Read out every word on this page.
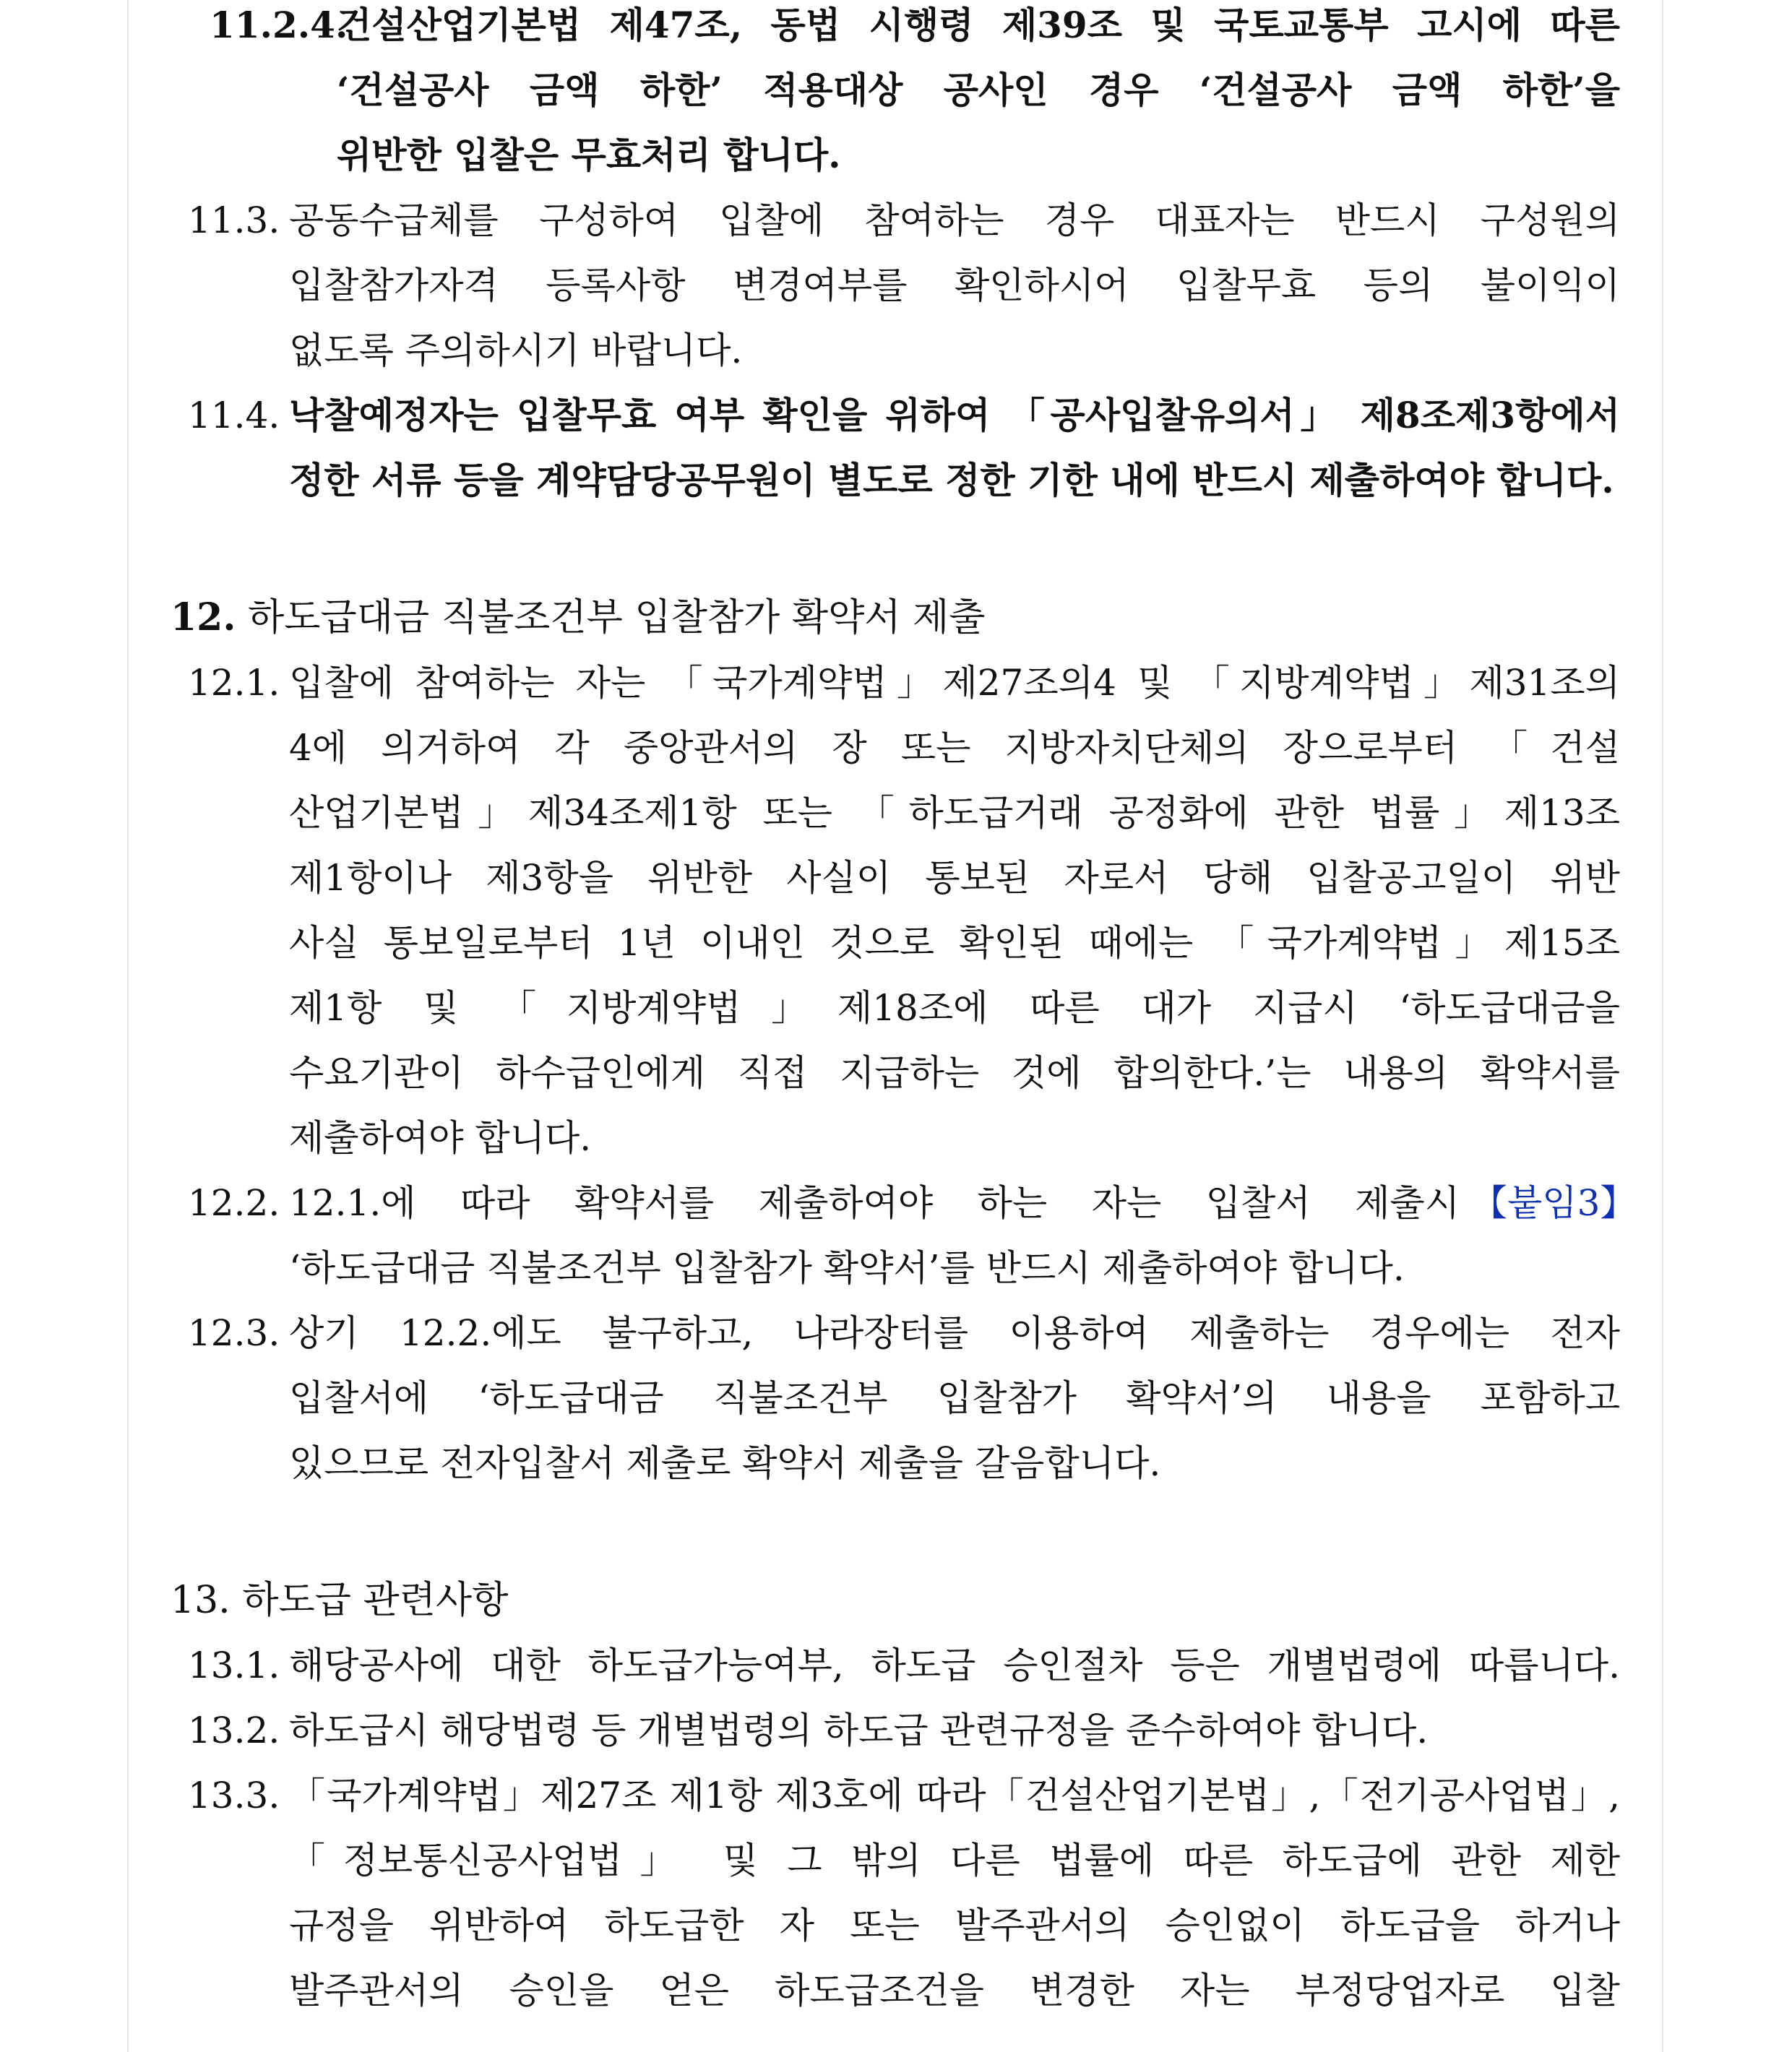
11.2.4.
건설산업기본법 제47조, 동법 시행령 제39조 및 국토교통부 고시에 따른
‘건설공사 금액 하한’ 적용대상 공사인 경우 ‘건설공사 금액 하한’을
위반한 입찰은 무효처리 합니다.
11.3. 공동수급체를 구성하여 입찰에 참여하는 경우 대표자는 반드시 구성원의
입찰참가자격 등록사항 변경여부를 확인하시어 입찰무효 등의 불이익이
없도록 주의하시기 바랍니다.
11.4. 낙찰예정자는 입찰무효 여부 확인을 위하여 「공사입찰유의서」 제8조제3항에서
정한 서류 등을 계약담당공무원이 별도로 정한 기한 내에 반드시 제출하여야 합니다.
12. 하도급대금 직불조건부 입찰참가 확약서 제출
12.1. 입찰에 참여하는 자는 「국가계약법」제27조의4 및 「지방계약법」제31조의
4에 의거하여 각 중앙관서의 장 또는 지방자치단체의 장으로부터 「건설
산업기본법」제34조제1항 또는 「하도급거래 공정화에 관한 법률」제13조
제1항이나 제3항을 위반한 사실이 통보된 자로서 당해 입찰공고일이 위반
사실 통보일로부터 1년 이내인 것으로 확인된 때에는 「국가계약법」제15조
제1항 및 「지방계약법」제18조에 따른 대가 지급시 ‘하도급대금을
수요기관이 하수급인에게 직접 지급하는 것에 합의한다.’는 내용의 확약서를
제출하여야 합니다.
12.2. 12.1.에 따라 확약서를 제출하여야 하는 자는 입찰서 제출시 【붙임3】
‘하도급대금 직불조건부 입찰참가 확약서’를 반드시 제출하여야 합니다.
12.3. 상기 12.2.에도 불구하고, 나라장터를 이용하여 제출하는 경우에는 전자
입찰서에 ‘하도급대금 직불조건부 입찰참가 확약서’의 내용을 포함하고
있으므로 전자입찰서 제출로 확약서 제출을 갈음합니다.
13. 하도급 관련사항
13.1. 해당공사에 대한 하도급가능여부, 하도급 승인절차 등은 개별법령에 따릅니다.
13.2. 하도급시 해당법령 등 개별법령의 하도급 관련규정을 준수하여야 합니다.
13.3. 「국가계약법」제27조 제1항 제3호에 따라「건설산업기본법」,「전기공사업법」,
「정보통신공사업법」 및 그 밖의 다른 법률에 따른 하도급에 관한 제한
규정을 위반하여 하도급한 자 또는 발주관서의 승인없이 하도급을 하거나
발주관서의 승인을 얻은 하도급조건을 변경한 자는 부정당업자로 입찰
